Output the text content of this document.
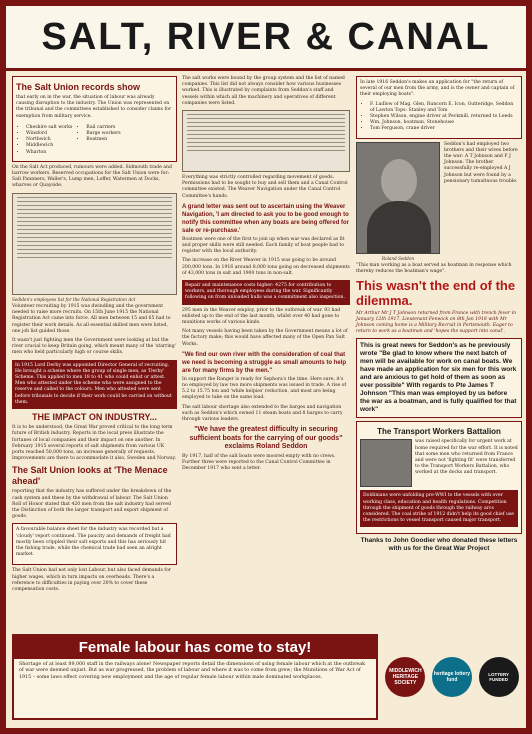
SALT, RIVER & CANAL
The Salt Union records show
that early on in the war, the situation of labour was already causing disruption to the industry. The Union was represented on the tribunal and the committees established to consider claims for exemption from military service.
• Cheshire salt works
• Winsford
• Northwich
• Middlewich
• Wharton
• Rail carriers
• Barge workers
• Boatmen
On the Salt Act produced, rumours were added. Sidmouth trade and barrow workers. Reserved occupations for the Salt Union were for: Salt Pannners, Waller's, Lump men, Loffer, Watermen at Docks, wharves or Quayside.
Sediden's employees list for the National Registration Act
Volunteer recruiting by 1915 was dwindling and the government needed to raise more recruits. On 15th June 1915 the National Registration Act came into force. All men between 15 and 65 had to register their work details. As all essential skilled men were listed, one job list guided those.
It wasn't just fighting men the Government were looking at but the river crucial to keep Britain going, which meant many of the 'starring' men who held particularly high or course skills.
In 1915 Lord Derby was appointed Director General of recruiting. He brought a scheme where the group of single men, as 'Derby' Scheme. This applied to men 18 to 41 who could enlist or attest. Men who attested under the scheme who were assigned to the reserve and called to the colours. Men who attested were sent before tribunals to decide if their work could be carried on without them.
THE IMPACT ON INDUSTRY...
It is to be understood, the Great War proved critical to the long term future of British industry. Reports in the local press illustrate the fortunes of local companies and their impact on one another. In February 1915 several reports of salt shipments from various UK ports reached 50,000 tons, an increase generally of requests. Improvements are there to accommodate it also, Sweden and Norway.
The Salt Union looks at 'The Menace ahead'
reporting that the industry has suffered under the breakdown of the cash system and these by the withdrawal of labour. The Salt Union Roll of Honor stated that 420 men from the salt industry had served the Distinction of both the larger transport and export shipment of goods.
A favourable balance sheet for the industry was recorded but a 'cloudy' report continued. The paucity and demands of freight had mostly been crippled their salt exports and this has seriously hit the fishing trade, while the chemical trade had seen an alright market.
The Salt Union had not only lost Labour, but also faced demands for higher wages, which in turn impacts on overheads. There's a reference to difficulties in paying over 20% to cover these compensation costs.
The salt works were bound by the group system and the list of named companies. This list did not always consider how various businesses worked. This is illustrated by complaints from Seddon's staff and vessels within which all the machinery and operatives of different companies were listed.
Everything was strictly controlled regarding movement of goods. Permissions had to be sought to buy and sell them and a Canal Control committee existed. The Weaver Navigation under the Canal Control Committee's hands.
A grand letter was sent out to ascertain using the Weaver Navigation, 'I am directed to ask you to be good enough to notify this committee when any boats are being offered for sale or re-purchase.'
Boatmen were one of the first to join up when war was declared as fit and proper skills were still needed. Each family of boat people had to register with the local authority.
The increase on the River Weaver in 1915 was going to be around 200,000 tons. In 1916 around 8,000 tons going on decreased shipments of 43,000 tons in salt and 1900 tons in non-salt.
Repair and maintenance costs higher: 4275 for contribution to workers, and thorough employees during the war. Significantly following on from unloaded hulls was a commitment also inspection.
295 men in the Weaver employ, prior to the outbreak of war. 93 had enlisted up to the end of the last month, whilst over 40 had gone to munitions works of various kinds.
Not many vessels having been taken by the Government means a lot of the factory make; this would have affected many of the Open Pan Salt Works.
"We find our own river with the consideration of coal that we need is becoming a struggle as small amounts to help are for many firms by the men."
In support the Ranger is ready for Sephora's the time. Here sure, it's no employed by law two more shipments was issued in trade. A rise of 5.2 to 15.75 ton and 'while kelpies' reduction, and most are being employed to take on the same load.
The salt labour shortage also extended to the barges and navigation such as Seddon's which owned 11 steam boats and 8 barges to carry through various leaders.
"We have the greatest difficulty in securing sufficient boats for the carrying of our goods" exclaims Roland Seddon
By 1917, half of the salt boats were moored empty with no crews. Further three were reported to the Canal Control Committee in December 1917 who sent a letter.
In late 1916 Seddon's makes an application for "the return of several of our men from the army, and is the owner and captain of their employing boats".
• F. Ludlow of Mag. Glen, Runcorn E. Icon, Gutteridge, Seddon of Lawton Tops: Stanley and Tom
• Stephen Wilson, engine driver at Peckmill, returned to Leeds
• Wm. Johnson, boatman, Stonehouse
• Tom Ferguson, crane driver
Roland Seddon
Seddon's had employed two brothers and their wives before the war: A T Johnson and F J Johnson. The brother successfully re-employed A J Johnson but were found by a pensionary tumultuous trouble.
"This man working as a boat served as boatman in response which thereby reduces the boatman's wage".
This wasn't the end of the dilemma.
Mr Arthur Mr J T Johnson returned from France with trench fever in January 12th 1917. Lieutenant Fenwick on 8th Jan 1918 with Mr Johnson coming home is a Military Recruit in Portsmouth. Eager to return to work as a boatman and 'hopes the support into canal'.
This is great news for Seddon's as he previously wrote "Be glad to know where the next batch of men will be available for work on canal boats. We have made an application for six men for this work and are anxious to get hold of them as soon as ever possible" With regards to Pte James T Johnson "This man was employed by us before the war as a boatman, and is fully qualified for that work"
The Transport Workers Battalion
was raised specifically for urgent work at home required for the war effort. It is noted that some men who returned from France and were not 'fighting fit' were transferred to the Transport Workers Battalion, who worked at the docks and transport.
Doldinians were unfolding pre-WWI to the vessels with over working class, education and health regulations. Competition through the shipment of goods through the railway arcs considered. The coal strike of 1912 didn't help its good chief use the restrictions to vessel transport caused major transport.
Thanks to John Goodier who donated these letters with us for the Great War Project
Female labour has come to stay!
Shortage of at least 89,000 staff in the railways alone! Newspaper reports detail the dimensions of using female labour which at the outbreak of war were deemed unjust. But as war progressed, the problem of labour and where it was to come from grew; the Munitions of War Act of 1915 – some laws effect covering new employment and the age of regular female labour within male dominated workplaces.
MIDDLEWICH HERITAGE SOCIETY
heritage lottery fund
LOTTERY FUNDED
